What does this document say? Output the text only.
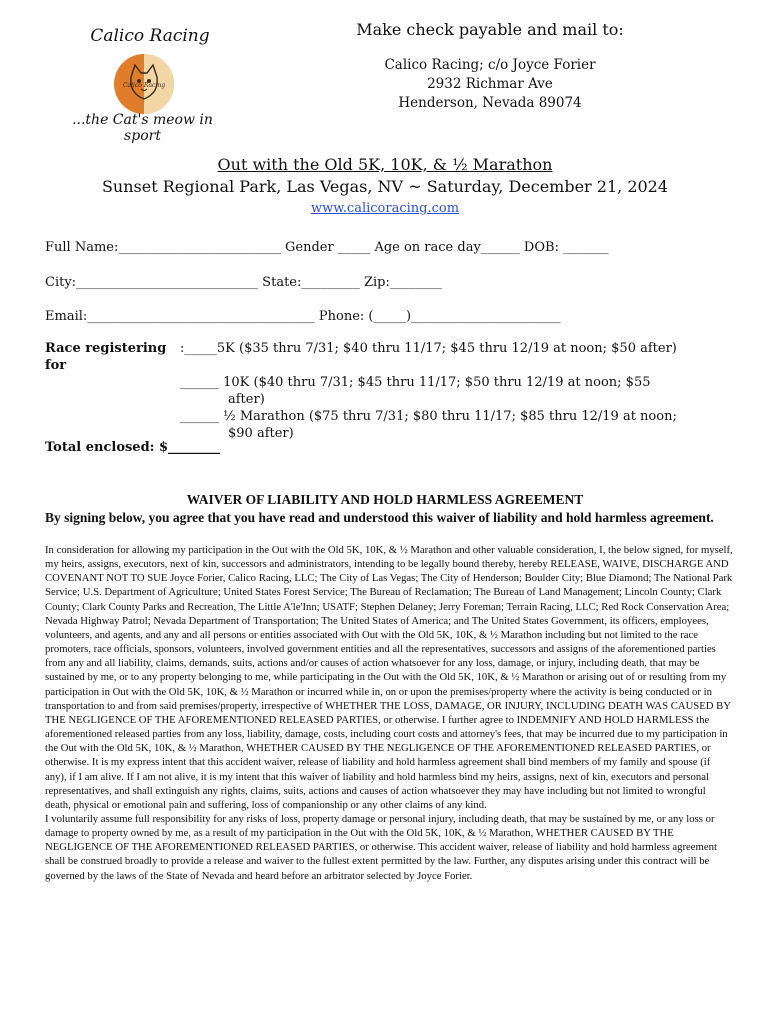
Calico Racing
Calico Racing
...the Cat's meow in sport
Make check payable and mail to:
Calico Racing; c/o Joyce Forier
2932 Richmar Ave
Henderson, Nevada 89074
Out with the Old 5K, 10K, & ½ Marathon
Sunset Regional Park, Las Vegas, NV ~ Saturday, December 21, 2024
www.calicoracing.com
Full Name:_________________________ Gender _____ Age on race day______ DOB: _______
City:____________________________ State:_________ Zip:________
Email:___________________________________ Phone: (_____)_______________________
Race registering for
:_____5K ($35 thru 7/31; $40 thru 11/17; $45 thru 12/19 at noon; $50 after)
______ 10K ($40 thru 7/31; $45 thru 11/17; $50 thru 12/19 at noon; $55
after)
______ ½ Marathon ($75 thru 7/31; $80 thru 11/17; $85 thru 12/19 at noon;
$90 after)
Total enclosed: $________
WAIVER OF LIABILITY AND HOLD HARMLESS AGREEMENT
By signing below, you agree that you have read and understood this waiver of liability and hold harmless agreement.

In consideration for allowing my participation in the Out with the Old 5K, 10K, & ½ Marathon and other valuable consideration, I, the below signed, for myself, my heirs, assigns, executors, next of kin, successors and administrators, intending to be legally bound thereby, hereby RELEASE, WAIVE, DISCHARGE AND COVENANT NOT TO SUE Joyce Forier, Calico Racing, LLC; The City of Las Vegas; The City of Henderson; Boulder City; Blue Diamond; The National Park Service; U.S. Department of Agriculture; United States Forest Service; The Bureau of Reclamation; The Bureau of Land Management; Lincoln County; Clark County; Clark County Parks and Recreation, The Little A'le'Inn; USATF; Stephen Delaney; Jerry Foreman; Terrain Racing, LLC; Red Rock Conservation Area; Nevada Highway Patrol; Nevada Department of Transportation; The United States of America; and The United States Government, its officers, employees, volunteers, and agents, and any and all persons or entities associated with Out with the Old 5K, 10K, & ½ Marathon including but not limited to the race promoters, race officials, sponsors, volunteers, involved government entities and all the representatives, successors and assigns of the aforementioned parties from any and all liability, claims, demands, suits, actions and/or causes of action whatsoever for any loss, damage, or injury, including death, that may be sustained by me, or to any property belonging to me, while participating in the Out with the Old 5K, 10K, & ½ Marathon or arising out of or resulting from my participation in Out with the Old 5K, 10K, & ½ Marathon or incurred while in, on or upon the premises/property where the activity is being conducted or in transportation to and from said premises/property, irrespective of WHETHER THE LOSS, DAMAGE, OR INJURY, INCLUDING DEATH WAS CAUSED BY THE NEGLIGENCE OF THE AFOREMENTIONED RELEASED PARTIES, or otherwise. I further agree to INDEMNIFY AND HOLD HARMLESS the aforementioned released parties from any loss, liability, damage, costs, including court costs and attorney's fees, that may be incurred due to my participation in the Out with the Old 5K, 10K, & ½ Marathon, WHETHER CAUSED BY THE NEGLIGENCE OF THE AFOREMENTIONED RELEASED PARTIES, or otherwise. It is my express intent that this accident waiver, release of liability and hold harmless agreement shall bind members of my family and spouse (if any), if I am alive. If I am not alive, it is my intent that this waiver of liability and hold harmless bind my heirs, assigns, next of kin, executors and personal representatives, and shall extinguish any rights, claims, suits, actions and causes of action whatsoever they may have including but not limited to wrongful death, physical or emotional pain and suffering, loss of companionship or any other claims of any kind.

I voluntarily assume full responsibility for any risks of loss, property damage or personal injury, including death, that may be sustained by me, or any loss or damage to property owned by me, as a result of my participation in the Out with the Old 5K, 10K, & ½ Marathon, WHETHER CAUSED BY THE NEGLIGENCE OF THE AFOREMENTIONED RELEASED PARTIES, or otherwise. This accident waiver, release of liability and hold harmless agreement shall be construed broadly to provide a release and waiver to the fullest extent permitted by the law. Further, any disputes arising under this contract will be governed by the laws of the State of Nevada and heard before an arbitrator selected by Joyce Forier.
